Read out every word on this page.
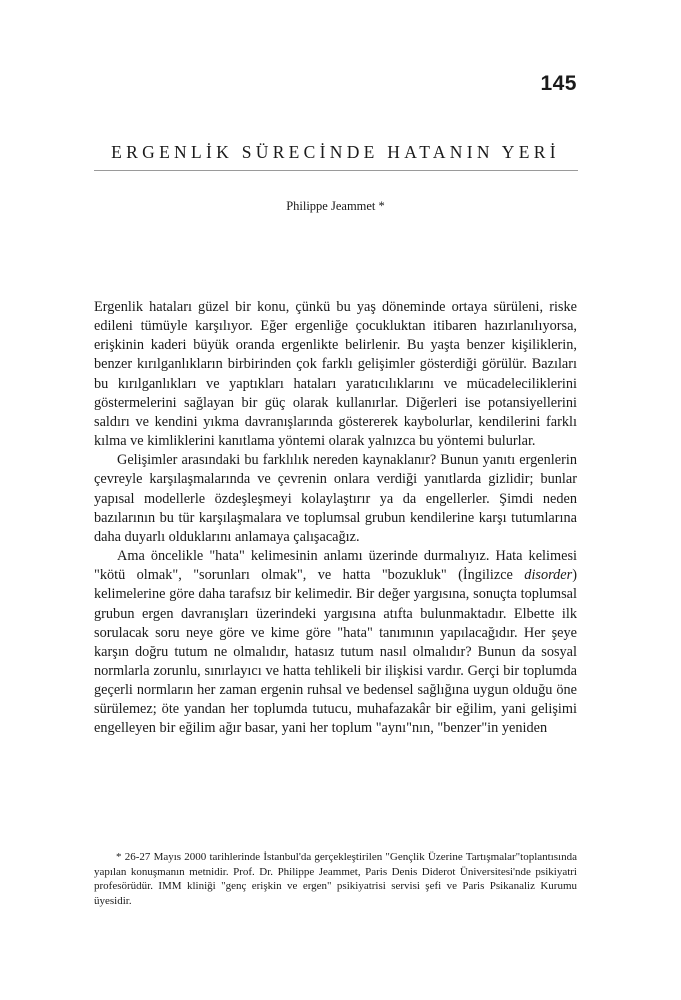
145
ERGENLİK SÜRECİNDE HATANIN YERİ
Philippe Jeammet *

Ergenlik hataları güzel bir konu, çünkü bu yaş döneminde ortaya sürüleni, riske edileni tümüyle karşılıyor. Eğer ergenliğe çocukluktan itibaren hazırlanılıyorsa, erişkinin kaderi büyük oranda ergenlikte belirlenir. Bu yaşta benzer kişiliklerin, benzer kırılganlıkların birbirinden çok farklı gelişimler gösterdiği görülür. Bazıları bu kırılganlıkları ve yaptıkları hataları yaratıcılıklarını ve mücadeleciliklerini göstermelerini sağlayan bir güç olarak kullanırlar. Diğerleri ise potansiyellerini saldırı ve kendini yıkma davranışlarında göstererek kaybolurlar, kendilerini farklı kılma ve kimliklerini kanıtlama yöntemi olarak yalnızca bu yöntemi bulurlar.

Gelişimler arasındaki bu farklılık nereden kaynaklanır? Bunun yanıtı ergenlerin çevreyle karşılaşmalarında ve çevrenin onlara verdiği yanıtlarda gizlidir; bunlar yapısal modellerle özdeşleşmeyi kolaylaştırır ya da engellerler. Şimdi neden bazılarının bu tür karşılaşmalara ve toplumsal grubun kendilerine karşı tutumlarına daha duyarlı olduklarını anlamaya çalışacağız.

Ama öncelikle "hata" kelimesinin anlamı üzerinde durmalıyız. Hata kelimesi "kötü olmak", "sorunları olmak", ve hatta "bozukluk" (İngilizce disorder) kelimelerine göre daha tarafsız bir kelimedir. Bir değer yargısına, sonuçta toplumsal grubun ergen davranışları üzerindeki yargısına atıfta bulunmaktadır. Elbette ilk sorulacak soru neye göre ve kime göre "hata" tanımının yapılacağıdır. Her şeye karşın doğru tutum ne olmalıdır, hatasız tutum nasıl olmalıdır? Bunun da sosyal normlarla zorunlu, sınırlayıcı ve hatta tehlikeli bir ilişkisi vardır. Gerçi bir toplumda geçerli normların her zaman ergenin ruhsal ve bedensel sağlığına uygun olduğu öne sürülemez; öte yandan her toplumda tutucu, muhafazakâr bir eğilim, yani gelişimi engelleyen bir eğilim ağır basar, yani her toplum "aynı"nın, "benzer"in yeniden

* 26-27 Mayıs 2000 tarihlerinde İstanbul'da gerçekleştirilen "Gençlik Üzerine Tartışmalar"toplantısında yapılan konuşmanın metnidir. Prof. Dr. Philippe Jeammet, Paris Denis Diderot Üniversitesi'nde psikiyatri profesörüdür. IMM kliniği "genç erişkin ve ergen" psikiyatrisi servisi şefi ve Paris Psikanaliz Kurumu üyesidir.
